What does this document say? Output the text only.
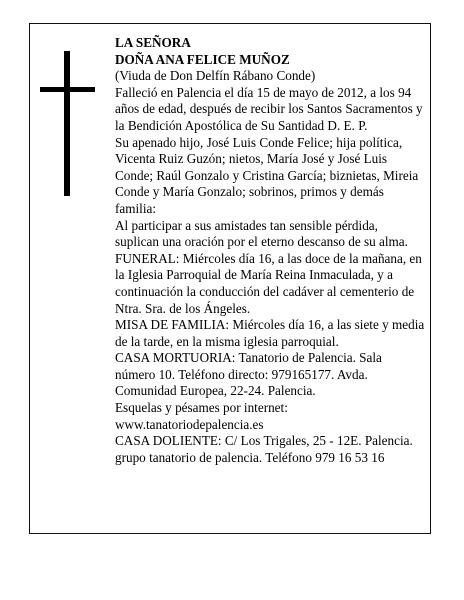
LA SEÑORA

DOÑA ANA FELICE MUÑOZ

(Viuda de Don Delfín Rábano Conde)

Falleció en Palencia el día 15 de mayo de 2012, a los 94 años de edad, después de recibir los Santos Sacramentos y la Bendición Apostólica de Su Santidad D. E. P.

Su apenado hijo, José Luis Conde Felice; hija política, Vicenta Ruiz Guzón; nietos, María José y José Luis Conde; Raúl Gonzalo y Cristina García; biznietas, Mireia Conde y María Gonzalo; sobrinos, primos y demás familia:

Al participar a sus amistades tan sensible pérdida, suplican una oración por el eterno descanso de su alma.

FUNERAL: Miércoles día 16, a las doce de la mañana, en la Iglesia Parroquial de María Reina Inmaculada, y a continuación la conducción del cadáver al cementerio de Ntra. Sra. de los Ángeles.

MISA DE FAMILIA: Miércoles día 16, a las siete y media de la tarde, en la misma iglesia parroquial.

CASA MORTUORIA: Tanatorio de Palencia. Sala número 10. Teléfono directo: 979165177. Avda. Comunidad Europea, 22-24. Palencia.

Esquelas y pésames por internet:

www.tanatoriodepalencia.es

CASA DOLIENTE: C/ Los Trigales, 25 - 12E. Palencia.

grupo tanatorio de palencia. Teléfono 979 16 53 16
